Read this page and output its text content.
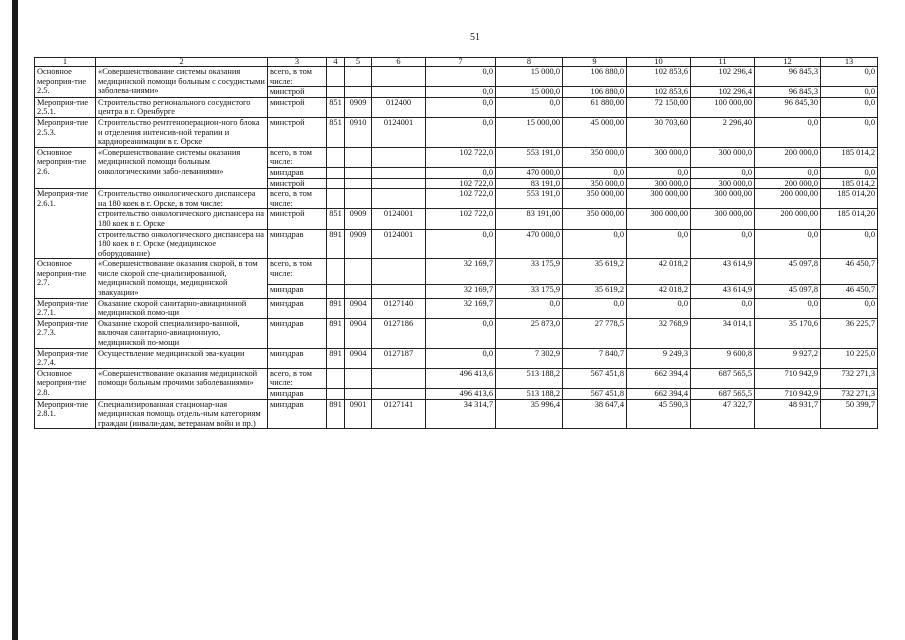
51
1	2	3	4	5	6	7	8	9	10	11	12	13
Основное мероприя-тие 2.5.	«Совершенствование системы оказания медицинской помощи больным с сосудистыми заболева-ниями»	всего, в том числе:				0,0	15 000,0	106 880,0	102 853,6	102 296,4	96 845,3	0,0
		минстрой				0,0	15 000,0	106 880,0	102 853,6	102 296,4	96 845,3	0,0
Мероприя-тие 2.5.1.	Строительство регионального сосудистого центра в г. Оренбурге	минстрой	851	0909	012400	0,0	0,0	61 880,00	72 150,00	100 000,00	96 845,30	0,0
Мероприя-тие 2.5.3.	Строительство рентгеноперацион-ного блока и отделения интенсив-ной терапии и кардиореанимации в г. Орске	минстрой	851	0910	0124001	0,0	15 000,00	45 000,00	30 703,60	2 296,40	0,0	0,0
Основное мероприя-тие 2.6.	«Совершенствование системы оказания медицинской помощи больным онкологическими забо-леваниями»	всего, в том числе:				102 722,0	553 191,0	350 000,0	300 000,0	300 000,0	200 000,0	185 014,2
		минздрав				0,0	470 000,0	0,0	0,0	0,0	0,0	0,0
		минстрой				102 722,0	83 191,0	350 000,0	300 000,0	300 000,0	200 000,0	185 014,2
Мероприя-тие 2.6.1.	Строительство онкологического диспансера на 180 коек в г. Орске, в том числе:	всего, в том числе:				102 722,0	553 191,0	350 000,00	300 000,00	300 000,00	200 000,00	185 014,20
	строительство онкологического диспансера на 180 коек в г. Орске	минстрой	851	0909	0124001	102 722,0	83 191,00	350 000,00	300 000,00	300 000,00	200 000,00	185 014,20
	строительство онкологического диспансера на 180 коек в г. Орске (медицинское оборудование)	минздрав	891	0909	0124001	0,0	470 000,0	0,0	0,0	0,0	0,0	0,0
Основное мероприя-тие 2.7.	«Совершенствование оказания скорой, в том числе скорой спе-циализированной, медицинской помощи, медицинской эвакуации»	всего, в том числе:				32 169,7	33 175,9	35 619,2	42 018,2	43 614,9	45 097,8	46 450,7
		минздрав				32 169,7	33 175,9	35 619,2	42 018,2	43 614,9	45 097,8	46 450,7
Мероприя-тие 2.7.1.	Оказание скорой санитарно-авиационной медицинской помо-щи	минздрав	891	0904	0127140	32 169,7	0,0	0,0	0,0	0,0	0,0	0,0
Мероприя-тие 2.7.3.	Оказание скорой специализиро-ванной, включая санитарно-авиационную, медицинской по-мощи	минздрав	891	0904	0127186	0,0	25 873,0	27 778,5	32 768,9	34 014,1	35 170,6	36 225,7
Мероприя-тие 2.7.4.	Осуществление медицинской эва-куации	минздрав	891	0904	0127187	0,0	7 302,9	7 840,7	9 249,3	9 600,8	9 927,2	10 225,0
Основное мероприя-тие 2.8.	«Совершенствование оказания медицинской помощи больным прочими заболеваниями»	всего, в том числе:				496 413,6	513 188,2	567 451,8	662 394,4	687 565,5	710 942,9	732 271,3
		минздрав				496 413,6	513 188,2	567 451,8	662 394,4	687 565,5	710 942,9	732 271,3
Мероприя-тие 2.8.1.	Специализированная стационар-ная медицинская помощь отдель-ным категориям граждан (инвали-дам, ветеранам войн и пр.)	минздрав	891	0901	0127141	34 314,7	35 996,4	38 647,4	45 590,3	47 322,7	48 931,7	50 399,7
